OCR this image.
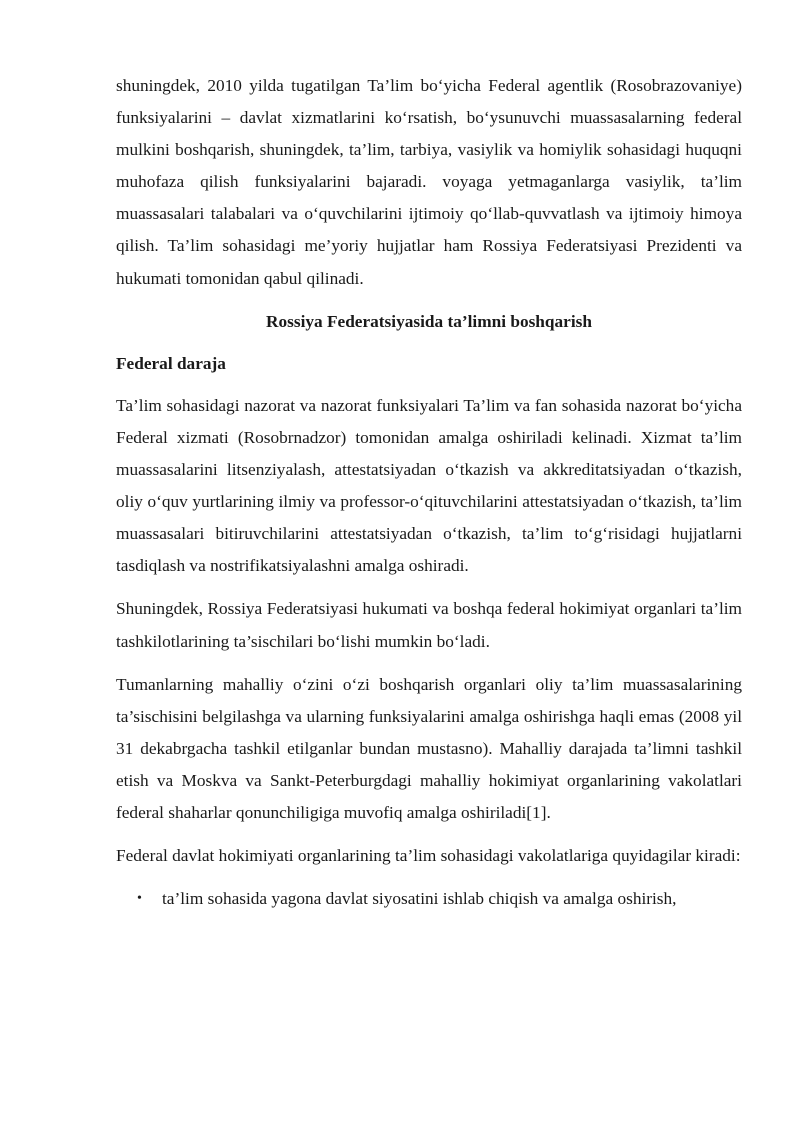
shuningdek, 2010 yilda tugatilgan Ta’lim bo‘yicha Federal agentlik (Rosobrazovaniye) funksiyalarini – davlat xizmatlarini ko‘rsatish, bo‘ysunuvchi muassasalarning federal mulkini boshqarish, shuningdek, ta’lim, tarbiya, vasiylik va homiylik sohasidagi huquqni muhofaza qilish funksiyalarini bajaradi. voyaga yetmaganlarga vasiylik, ta’lim muassasalari talabalari va o‘quvchilarini ijtimoiy qo‘llab-quvvatlash va ijtimoiy himoya qilish. Ta’lim sohasidagi me’yoriy hujjatlar ham Rossiya Federatsiyasi Prezidenti va hukumati tomonidan qabul qilinadi.

Rossiya Federatsiyasida ta’limni boshqarish

Federal daraja

Ta’lim sohasidagi nazorat va nazorat funksiyalari Ta’lim va fan sohasida nazorat bo‘yicha Federal xizmati (Rosobrnadzor) tomonidan amalga oshiriladi kelinadi. Xizmat ta’lim muassasalarini litsenziyalash, attestatsiyadan o‘tkazish va akkreditatsiyadan o‘tkazish, oliy o‘quv yurtlarining ilmiy va professor-o‘qituvchilarini attestatsiyadan o‘tkazish, ta’lim muassasalari bitiruvchilarini attestatsiyadan o‘tkazish, ta’lim to‘g‘risidagi hujjatlarni tasdiqlash va nostrifikatsiyalashni amalga oshiradi.

Shuningdek, Rossiya Federatsiyasi hukumati va boshqa federal hokimiyat organlari ta’lim tashkilotlarining ta’sischilari bo‘lishi mumkin bo‘ladi.

Tumanlarning mahalliy o‘zini o‘zi boshqarish organlari oliy ta’lim muassasalarining ta’sischisini belgilashga va ularning funksiyalarini amalga oshirishga haqli emas (2008 yil 31 dekabrgacha tashkil etilganlar bundan mustasno). Mahalliy darajada ta’limni tashkil etish va Moskva va Sankt-Peterburgdagi mahalliy hokimiyat organlarining vakolatlari federal shaharlar qonunchiligiga muvofiq amalga oshiriladi[1].

Federal davlat hokimiyati organlarining ta’lim sohasidagi vakolatlariga quyidagilar kiradi:

• ta’lim sohasida yagona davlat siyosatini ishlab chiqish va amalga oshirish,
